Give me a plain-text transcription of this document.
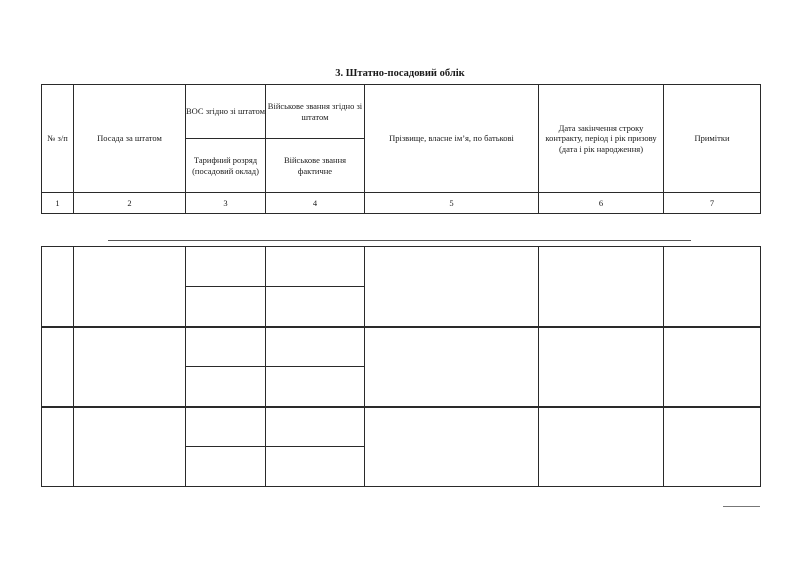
3. Штатно-посадовий облік
№ з/п	Посада за штатом	ВОС згідно зі штатом	Військове звання згідно зі штатом	Прізвище, власне ім’я, по батькові	Дата закінчення строку контракту, період і рік призову (дата і рік народження)	Примітки
		Тарифний розряд (посадовий оклад)	Військове звання фактичне			
1	2	3	4	5	6	7
